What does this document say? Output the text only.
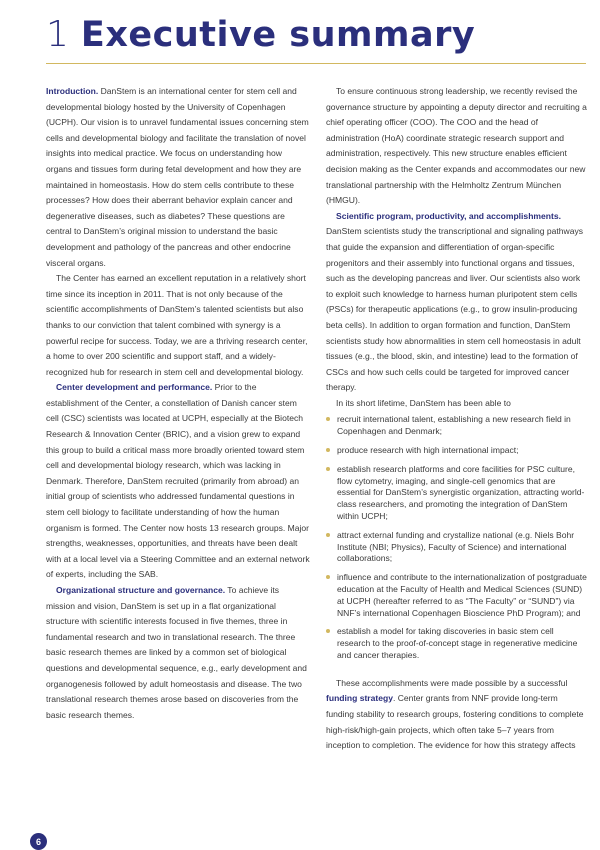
1 Executive summary

Introduction. DanStem is an international center for stem cell and developmental biology hosted by the University of Copenhagen (UCPH). Our vision is to unravel fundamental issues concerning stem cells and developmental biology and facilitate the translation of novel insights into medical practice. We focus on understanding how organs and tissues form during fetal development and how they are maintained in homeostasis. How do stem cells contribute to these processes? How does their aberrant behavior explain cancer and degenerative diseases, such as diabetes? These questions are central to DanStem’s original mission to understand the basic development and pathology of the pancreas and other endocrine visceral organs.

The Center has earned an excellent reputation in a relatively short time since its inception in 2011. That is not only because of the scientific accomplishments of DanStem’s talented scientists but also thanks to our conviction that talent combined with synergy is a powerful recipe for success. Today, we are a thriving research center, a home to over 200 scientific and support staff, and a widely-recognized hub for research in stem cell and developmental biology.

Center development and performance. Prior to the establishment of the Center, a constellation of Danish cancer stem cell (CSC) scientists was located at UCPH, especially at the Biotech Research & Innovation Center (BRIC), and a vision grew to expand this group to build a critical mass more broadly oriented toward stem cell and developmental biology research, which was lacking in Denmark. Therefore, DanStem recruited (primarily from abroad) an initial group of scientists who addressed fundamental questions in stem cell biology to facilitate understanding of how the human organism is formed. The Center now hosts 13 research groups. Major strengths, weaknesses, opportunities, and threats have been dealt with at a local level via a Steering Committee and an external network of experts, including the SAB.

Organizational structure and governance. To achieve its mission and vision, DanStem is set up in a flat organizational structure with scientific interests focused in five themes, three in fundamental research and two in translational research. The three basic research themes are linked by a common set of biological questions and developmental sequence, e.g., early development and organogenesis followed by adult homeostasis and disease. The two translational research themes arose based on discoveries from the basic research themes.

To ensure continuous strong leadership, we recently revised the governance structure by appointing a deputy director and recruiting a chief operating officer (COO). The COO and the head of administration (HoA) coordinate strategic research support and administration, respectively. This new structure enables efficient decision making as the Center expands and accommodates our new translational partnership with the Helmholtz Zentrum München (HMGU).

Scientific program, productivity, and accomplishments. DanStem scientists study the transcriptional and signaling pathways that guide the expansion and differentiation of organ-specific progenitors and their assembly into functional organs and tissues, such as the developing pancreas and liver. Our scientists also work to exploit such knowledge to harness human pluripotent stem cells (PSCs) for therapeutic applications (e.g., to grow insulin-producing beta cells). In addition to organ formation and function, DanStem scientists study how abnormalities in stem cell homeostasis in adult tissues (e.g., the blood, skin, and intestine) lead to the formation of CSCs and how such cells could be targeted for improved cancer therapy.

In its short lifetime, DanStem has been able to

recruit international talent, establishing a new research field in Copenhagen and Denmark;
produce research with high international impact;
establish research platforms and core facilities for PSC culture, flow cytometry, imaging, and single-cell genomics that are essential for DanStem’s synergistic organization, attracting world-class researchers, and promoting the integration of DanStem within UCPH;
attract external funding and crystallize national (e.g. Niels Bohr Institute (NBI; Physics), Faculty of Science) and international collaborations;
influence and contribute to the internationalization of postgraduate education at the Faculty of Health and Medical Sciences (SUND) at UCPH (hereafter referred to as “The Faculty” or “SUND”) via NNF’s international Copenhagen Bioscience PhD Program); and
establish a model for taking discoveries in basic stem cell research to the proof-of-concept stage in regenerative medicine and cancer therapies.

These accomplishments were made possible by a successful funding strategy. Center grants from NNF provide long-term funding stability to research groups, fostering conditions to complete high-risk/high-gain projects, which often take 5–7 years from inception to completion. The evidence for how this strategy affects

6
